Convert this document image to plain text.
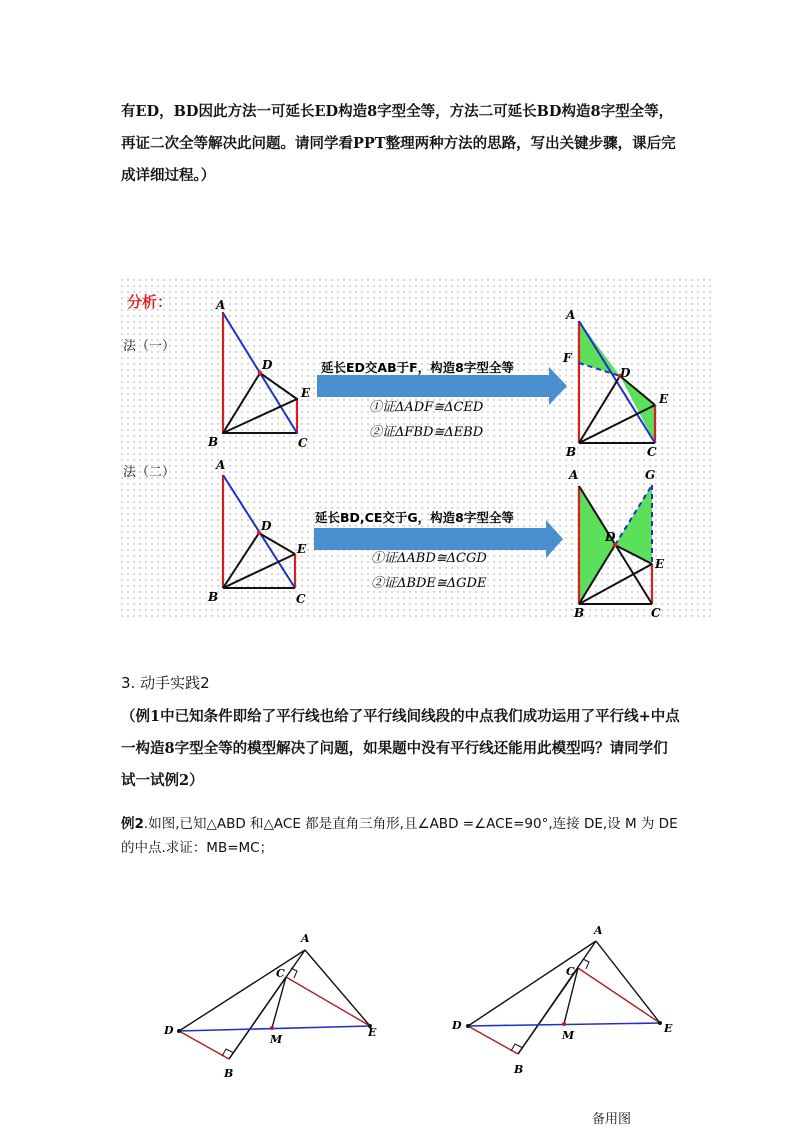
有ED，BD因此方法一可延长ED构造8字型全等，方法二可延长BD构造8字型全等，再证二次全等解决此问题。请同学看PPT整理两种方法的思路，写出关键步骤，课后完成详细过程。）

分析：
法（一）
法（二）
A
D
E
B	C
延长ED交AB于F，构造8字型全等
①证ΔADF≅ΔCED
②证ΔFBD≅ΔEBD
A
F
D
E
B	C
A
D
E
B	C
延长BD,CE交于G，构造8字型全等
①证ΔABD≅ΔCGD
②证ΔBDE≅ΔGDE
A	G
D
E
B	C
3. 动手实践2

（例1中已知条件即给了平行线也给了平行线间线段的中点我们成功运用了平行线+中点一构造8字型全等的模型解决了问题，如果题中没有平行线还能用此模型吗？请同学们试一试例2）

例2.如图,已知△ABD 和△ACE 都是直角三角形,且∠ABD =∠ACE=90°,连接 DE,设 M 为 DE 的中点.求证：MB=MC；

A
C
D
M
E
B
A
C
D
M
E
B
备用图
